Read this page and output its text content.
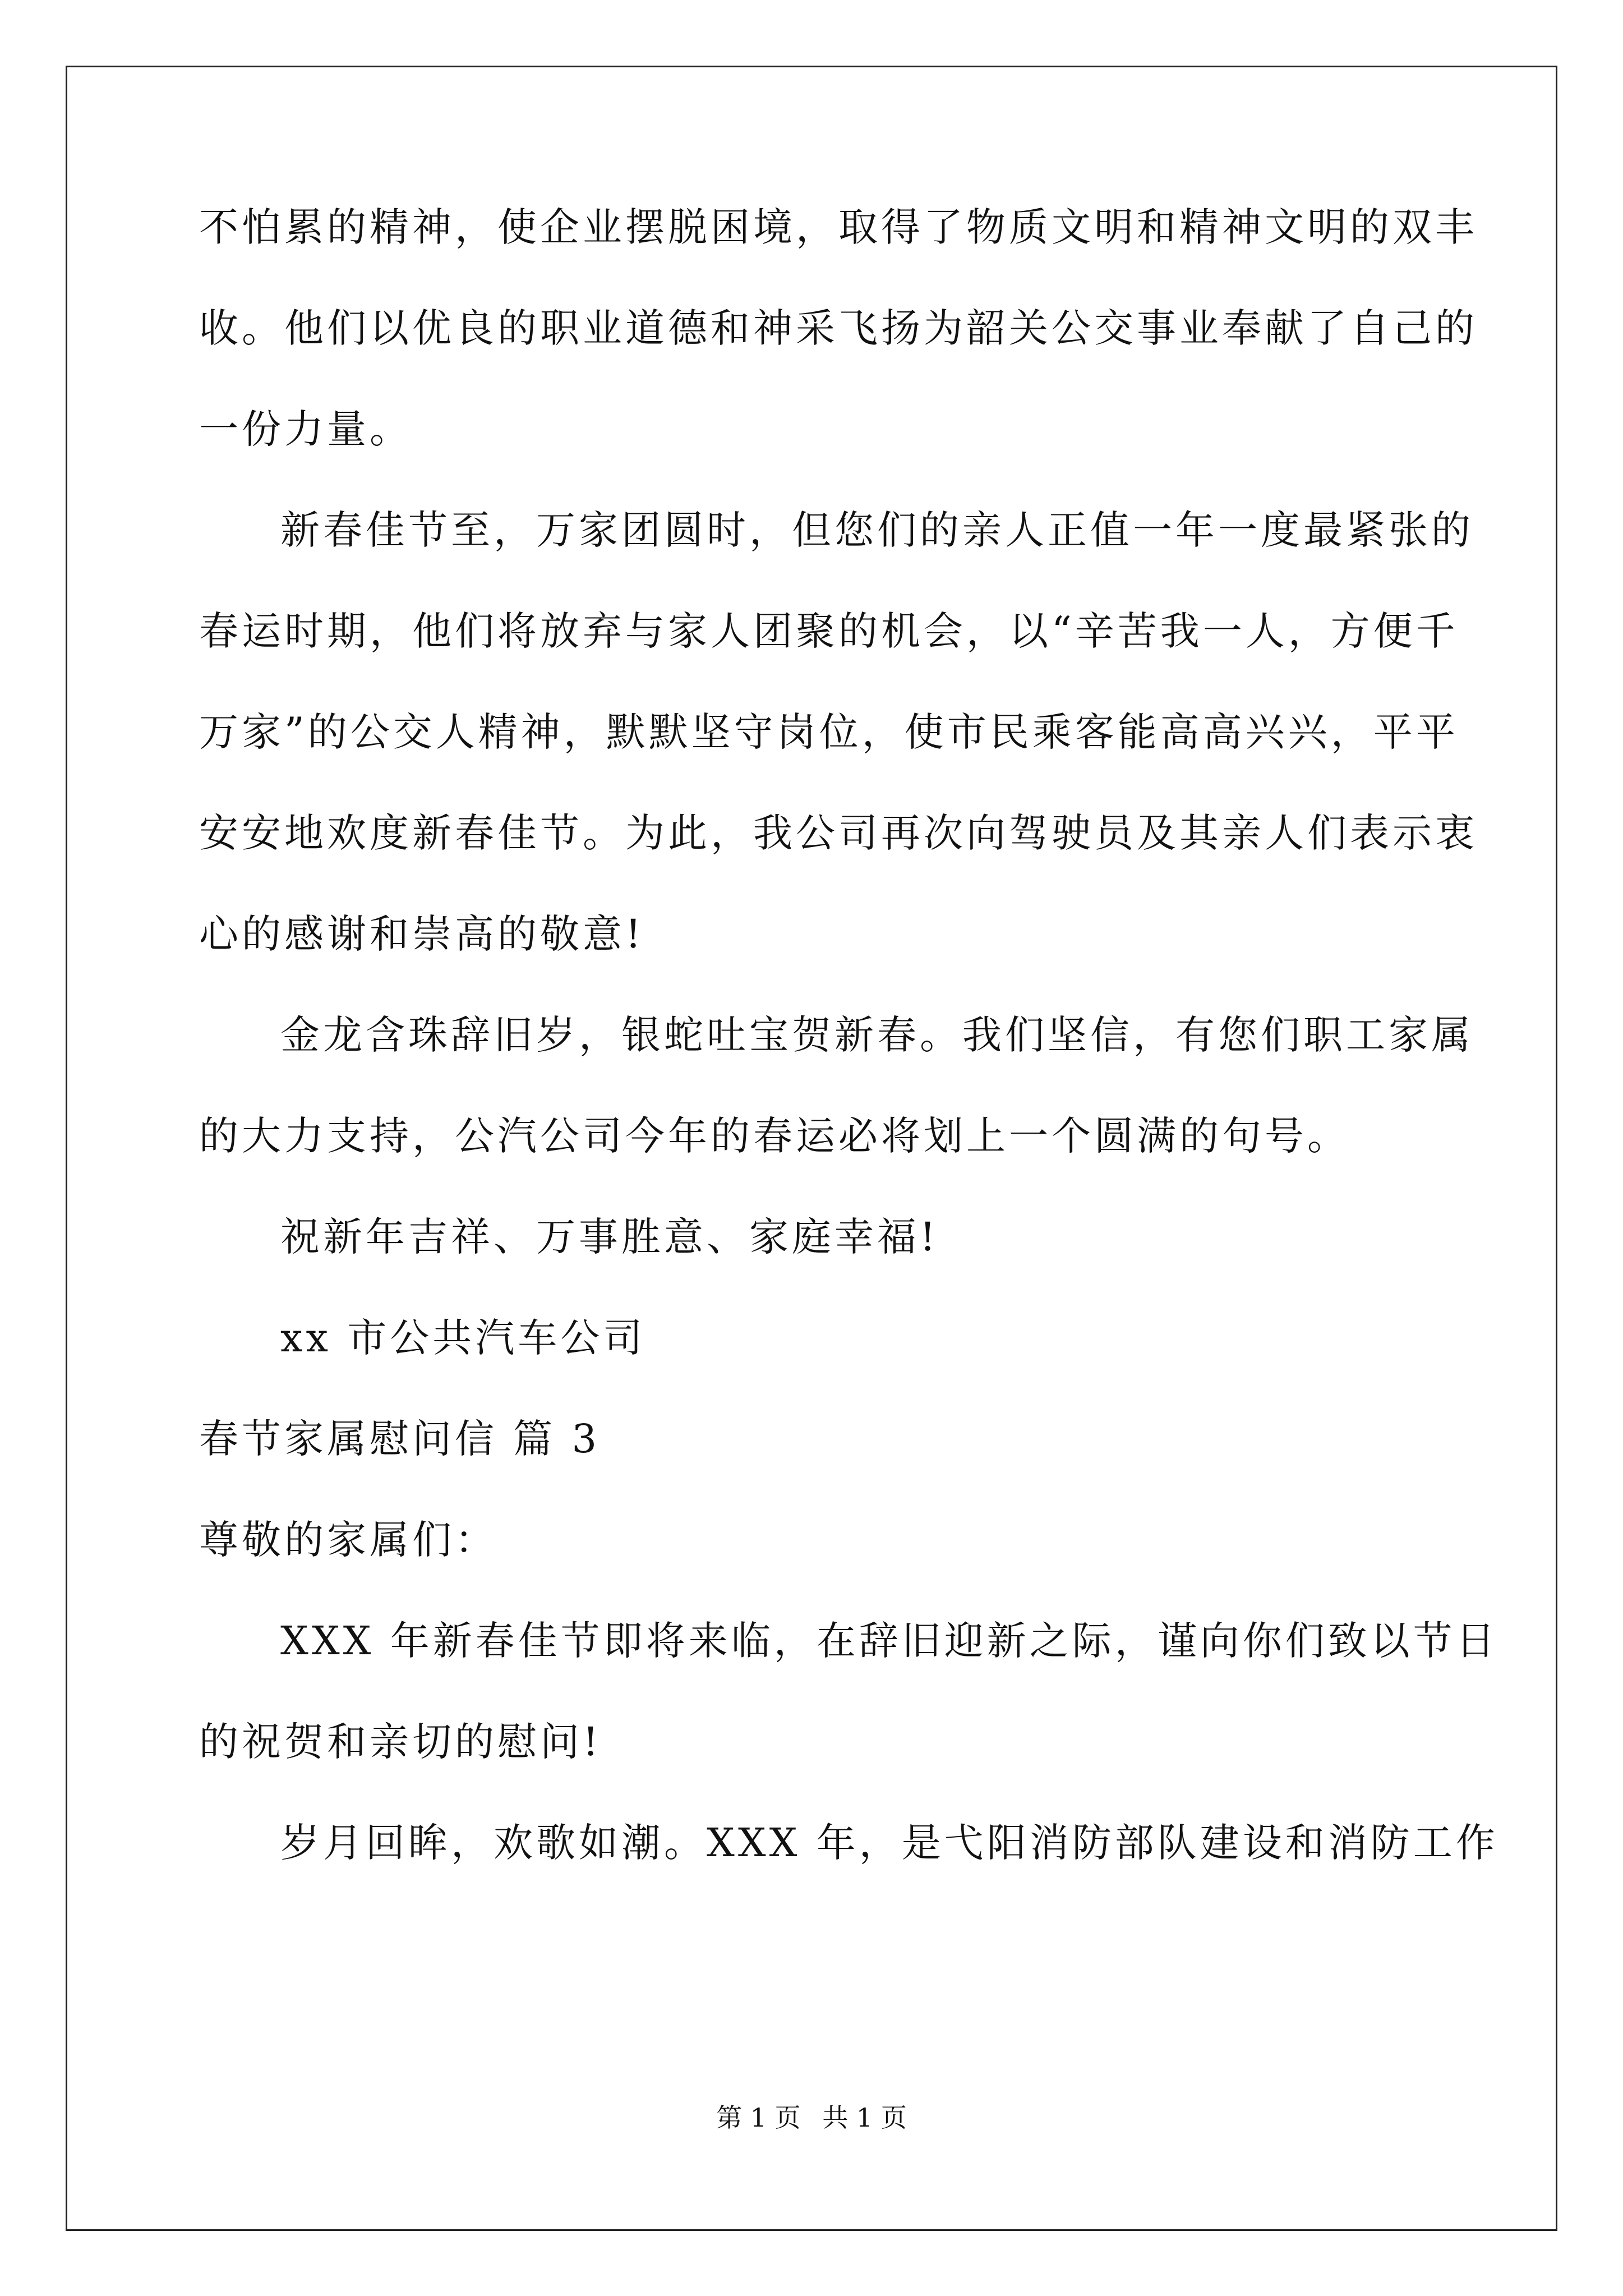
不怕累的精神，使企业摆脱困境，取得了物质文明和精神文明的双丰
收。他们以优良的职业道德和神采飞扬为韶关公交事业奉献了自己的
一份力量。
新春佳节至，万家团圆时，但您们的亲人正值一年一度最紧张的
春运时期，他们将放弃与家人团聚的机会，以“辛苦我一人，方便千
万家”的公交人精神，默默坚守岗位，使市民乘客能高高兴兴，平平
安安地欢度新春佳节。为此，我公司再次向驾驶员及其亲人们表示衷
心的感谢和崇高的敬意!
金龙含珠辞旧岁，银蛇吐宝贺新春。我们坚信，有您们职工家属
的大力支持，公汽公司今年的春运必将划上一个圆满的句号。
祝新年吉祥、万事胜意、家庭幸福!
xx 市公共汽车公司
春节家属慰问信 篇 3
尊敬的家属们：
XXX 年新春佳节即将来临，在辞旧迎新之际，谨向你们致以节日
的祝贺和亲切的慰问!
岁月回眸，欢歌如潮。XXX 年，是弋阳消防部队建设和消防工作
第 1 页 共 1 页
